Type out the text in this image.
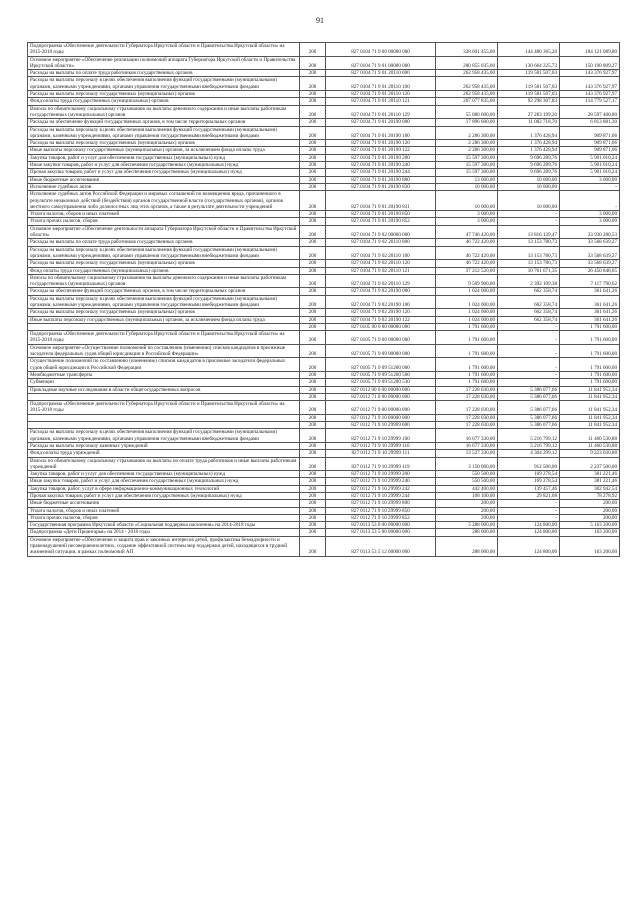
91
Подпрограмма «Обеспечение деятельности Губернатора Иркутской области и Правительства Иркутской области» на 2015-2018 годы	200	827 0104 71 9 00 00000 000	328 601 455,00	144 480 365,20	184 121 089,80
Основное мероприятие «Обеспечение реализации полномочий аппарата Губернатора Иркутской области и Правительства Иркутской области»	200	827 0104 71 9 01 00000 000	280 855 035,00	130 664 225,73	150 190 809,27
Расходы на выплаты по оплате труда работников государственных органов	200	827 0104 71 9 01 20110 000	262 958 435,00	119 581 507,03	143 376 927,97
Расходы на выплаты персоналу в целях обеспечения выполнения функций государственными (муниципальными) органами, казенными учреждениями, органами управления государственными внебюджетными фондами	200	827 0104 71 9 01 20110 100	262 958 435,00	119 581 507,03	143 376 927,97
Расходы на выплаты персоналу государственных (муниципальных) органов	200	827 0104 71 9 01 20110 120	262 958 435,00	119 581 507,03	143 376 927,97
Фонд оплаты труда государственных (муниципальных) органов	200	827 0104 71 9 01 20110 121	207 077 835,00	92 298 307,83	114 779 527,17
Взносы по обязательному социальному страхованию на выплаты денежного содержания и иные выплаты работникам государственных (муниципальных) органов	200	827 0104 71 9 01 20110 129	55 880 600,00	27 283 199,20	28 597 400,80
Расходы на обеспечение функций государственных органов, в том числе территориальных органов	200	827 0104 71 9 01 20190 000	17 896 600,00	11 082 718,70	6 813 881,30
Расходы на выплаты персоналу в целях обеспечения выполнения функций государственными (муниципальными) органами, казенными учреждениями, органами управления государственными внебюджетными фондами	200	827 0104 71 9 01 20190 100	2 286 300,00	1 376 428,94	909 871,06
Расходы на выплаты персоналу государственных (муниципальных) органов	200	827 0104 71 9 01 20190 120	2 286 300,00	1 376 428,94	909 871,06
Иные выплаты персоналу государственных (муниципальных) органов, за исключением фонда оплаты труда	200	827 0104 71 9 01 20190 122	2 286 300,00	1 376 428,94	909 871,06
Закупка товаров, работ и услуг для обеспечения государственных (муниципальных) нужд	200	827 0104 71 9 01 20190 200	15 597 300,00	9 696 289,76	5 901 010,24
Иные закупки товаров, работ и услуг для обеспечения государственных (муниципальных) нужд	200	827 0104 71 9 01 20190 240	15 597 300,00	9 696 289,76	5 901 010,24
Прочая закупка товаров, работ и услуг для обеспечения государственных (муниципальных) нужд	200	827 0104 71 9 01 20190 244	15 597 300,00	9 696 289,76	5 901 010,24
Иные бюджетные ассигнования	200	827 0104 71 9 01 20190 800	13 000,00	10 000,00	3 000,00
Исполнение судебных актов	200	827 0104 71 9 01 20190 830	10 000,00	10 000,00	-
Исполнение судебных актов Российской Федерации и мировых соглашений по возмещению вреда, причиненного в результате незаконных действий (бездействия) органов государственной власти (государственных органов), органов местного самоуправления либо должностных лиц этих органов, а также в результате деятельности учреждений	200	827 0104 71 9 01 20190 831	10 000,00	10 000,00	-
Уплата налогов, сборов и иных платежей	200	827 0104 71 9 01 20190 850	3 000,00	-	3 000,00
Уплата прочих налогов, сборов	200	827 0104 71 9 01 20190 852	3 000,00	-	3 000,00
Основное мероприятие «Обеспечение деятельности аппарата Губернатора Иркутской области и Правительства Иркутской области»	200	827 0104 71 9 02 00000 000	47 746 420,00	13 816 139,47	33 930 280,53
Расходы на выплаты по оплате труда работников государственных органов	200	827 0104 71 9 02 20110 000	46 722 420,00	13 153 780,73	33 568 639,27
Расходы на выплаты персоналу в целях обеспечения выполнения функций государственными (муниципальными) органами, казенными учреждениями, органами управления государственными внебюджетными фондами	200	827 0104 71 9 02 20110 100	46 722 420,00	13 153 780,73	33 568 639,27
Расходы на выплаты персоналу государственных (муниципальных) органов	200	827 0104 71 9 02 20110 120	46 722 420,00	13 153 780,73	33 568 639,27
Фонд оплаты труда государственных (муниципальных) органов	200	827 0104 71 9 02 20110 121	37 212 520,00	10 761 671,35	26 450 848,65
Взносы по обязательному социальному страхованию на выплаты денежного содержания и иные выплаты работникам государственных (муниципальных) органов	200	827 0104 71 9 02 20110 129	9 509 900,00	2 392 109,38	7 117 790,62
Расходы на обеспечение функций государственных органов, в том числе территориальных органов	200	827 0104 71 9 02 20190 000	1 024 000,00	662 358,74	361 641,26
Расходы на выплаты персоналу в целях обеспечения выполнения функций государственными (муниципальными) органами, казенными учреждениями, органами управления государственными внебюджетными фондами	200	827 0104 71 9 02 20190 100	1 024 000,00	662 358,74	361 641,26
Расходы на выплаты персоналу государственных (муниципальных) органов	200	827 0104 71 9 02 20190 120	1 024 000,00	662 358,74	361 641,26
Иные выплаты персоналу государственных (муниципальных) органов, за исключением фонда оплаты труда	200	827 0104 71 9 02 20190 122	1 024 000,00	662 358,74	361 641,26
	200	827 0105 00 0 00 00000 000	1 791 600,00	-	1 791 600,00
Подпрограмма «Обеспечение деятельности Губернатора Иркутской области и Правительства Иркутской области» на 2015-2018 годы	200	827 0105 71 9 00 00000 000	1 791 600,00	-	1 791 600,00
Основное мероприятие «Осуществление полномочий по составлению (изменению) списков кандидатов в присяжные заседатели федеральных судов общей юрисдикции в Российской Федерации»	200	827 0105 71 9 09 00000 000	1 791 600,00	-	1 791 600,00
Осуществление полномочий по составлению (изменению) списков кандидатов в присяжные заседатели федеральных судов общей юрисдикции в Российской Федерации	200	827 0105 71 9 09 51200 000	1 791 600,00	-	1 791 600,00
Межбюджетные трансферты	200	827 0105 71 9 09 51200 500	1 791 600,00	-	1 791 600,00
Субвенции	200	827 0105 71 9 09 51200 530	1 791 600,00	-	1 791 600,00
Прикладные научные исследования в области общегосударственных вопросов	200	827 0112 00 0 00 00000 000	17 228 030,00	5 386 077,66	11 841 952,34
	200	827 0112 71 0 00 00000 000	17 228 030,00	5 386 077,66	11 841 952,34
Подпрограмма «Обеспечение деятельности Губернатора Иркутской области и Правительства Иркутской области» на 2015-2018 годы	200	827 0112 71 9 00 00000 000	17 228 030,00	5 386 077,66	11 841 952,34
	200	827 0112 71 9 10 00000 000	17 228 030,00	5 386 077,66	11 841 952,34
	200	827 0112 71 9 10 29999 000	17 228 030,00	5 386 077,66	11 841 952,34
Расходы на выплаты персоналу в целях обеспечения выполнения функций государственными (муниципальными) органами, казенными учреждениями, органами управления государственными внебюджетными фондами	200	827 0112 71 9 10 29999 100	16 677 330,00	5 216 799,12	11 460 530,88
Расходы на выплаты персоналу казенных учреждений	200	827 0112 71 9 10 29999 110	16 677 330,00	5 216 799,12	11 460 530,88
Фонд оплаты труда учреждений	200	827 0112 71 9 10 29999 111	13 527 330,00	4 304 299,12	9 223 030,88
Взносы по обязательному социальному страхованию на выплаты по оплате труда работников и иные выплаты работникам учреждений	200	827 0112 71 9 10 29999 119	3 150 000,00	912 500,00	2 237 500,00
Закупка товаров, работ и услуг для обеспечения государственных (муниципальных) нужд	200	827 0112 71 9 10 29999 200	550 500,00	169 278,54	381 221,46
Иные закупки товаров, работ и услуг для обеспечения государственных (муниципальных) нужд	200	827 0112 71 9 10 29999 240	550 500,00	169 278,54	381 221,46
Закупка товаров, работ, услуг в сфере информационно-коммуникационных технологий	200	827 0112 71 9 10 29999 242	442 400,00	139 457,46	302 942,54
Прочая закупка товаров, работ и услуг для обеспечения государственных (муниципальных) нужд	200	827 0112 71 9 10 29999 244	108 100,00	29 821,08	78 278,92
Иные бюджетные ассигнования	200	827 0112 71 9 10 29999 800	200,00	-	200,00
Уплата налогов, сборов и иных платежей	200	827 0112 71 9 10 29999 850	200,00	-	200,00
Уплата прочих налогов, сборов	200	827 0112 71 9 10 29999 852	200,00	-	200,00
Государственная программа Иркутской области «Социальная поддержка населения» на 2014-2018 годы	200	827 0113 53 0 00 00000 000	5 288 000,00	124 800,00	5 163 200,00
Подпрограмма «Дети Приангарья» на 2014 - 2018 годы	200	827 0113 53 5 00 00000 000	288 000,00	124 800,00	163 200,00
Основное мероприятие «Обеспечение и защита прав и законных интересов детей, профилактика безнадзорности и правонарушений несовершеннолетних, создание эффективной системы мер поддержки детей, находящихся в трудной жизненной ситуации, в рамках полномочий АП	200	827 0113 53 5 12 00000 000	288 000,00	124 800,00	163 200,00
